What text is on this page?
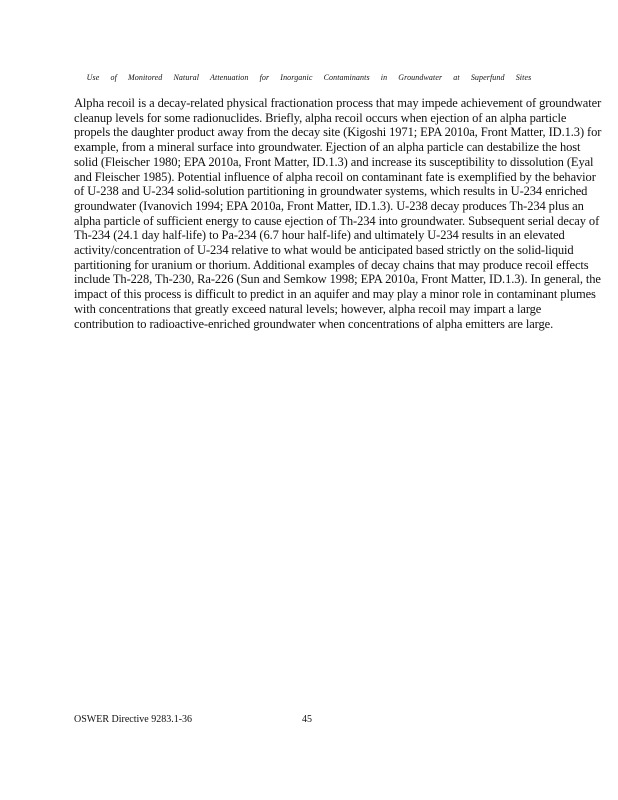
Use of Monitored Natural Attenuation for Inorganic Contaminants in Groundwater at Superfund Sites

Alpha recoil is a decay-related physical fractionation process that may impede achievement of groundwater cleanup levels for some radionuclides. Briefly, alpha recoil occurs when ejection of an alpha particle propels the daughter product away from the decay site (Kigoshi 1971; EPA 2010a, Front Matter, ID.1.3) for example, from a mineral surface into groundwater. Ejection of an alpha particle can destabilize the host solid (Fleischer 1980; EPA 2010a, Front Matter, ID.1.3) and increase its susceptibility to dissolution (Eyal and Fleischer 1985). Potential influence of alpha recoil on contaminant fate is exemplified by the behavior of U-238 and U-234 solid-solution partitioning in groundwater systems, which results in U-234 enriched groundwater (Ivanovich 1994; EPA 2010a, Front Matter, ID.1.3). U-238 decay produces Th-234 plus an alpha particle of sufficient energy to cause ejection of Th-234 into groundwater. Subsequent serial decay of Th-234 (24.1 day half-life) to Pa-234 (6.7 hour half-life) and ultimately U-234 results in an elevated activity/concentration of U-234 relative to what would be anticipated based strictly on the solid-liquid partitioning for uranium or thorium. Additional examples of decay chains that may produce recoil effects include Th-228, Th-230, Ra-226 (Sun and Semkow 1998; EPA 2010a, Front Matter, ID.1.3). In general, the impact of this process is difficult to predict in an aquifer and may play a minor role in contaminant plumes with concentrations that greatly exceed natural levels; however, alpha recoil may impart a large contribution to radioactive-enriched groundwater when concentrations of alpha emitters are large.

OSWER Directive 9283.1-36	45
